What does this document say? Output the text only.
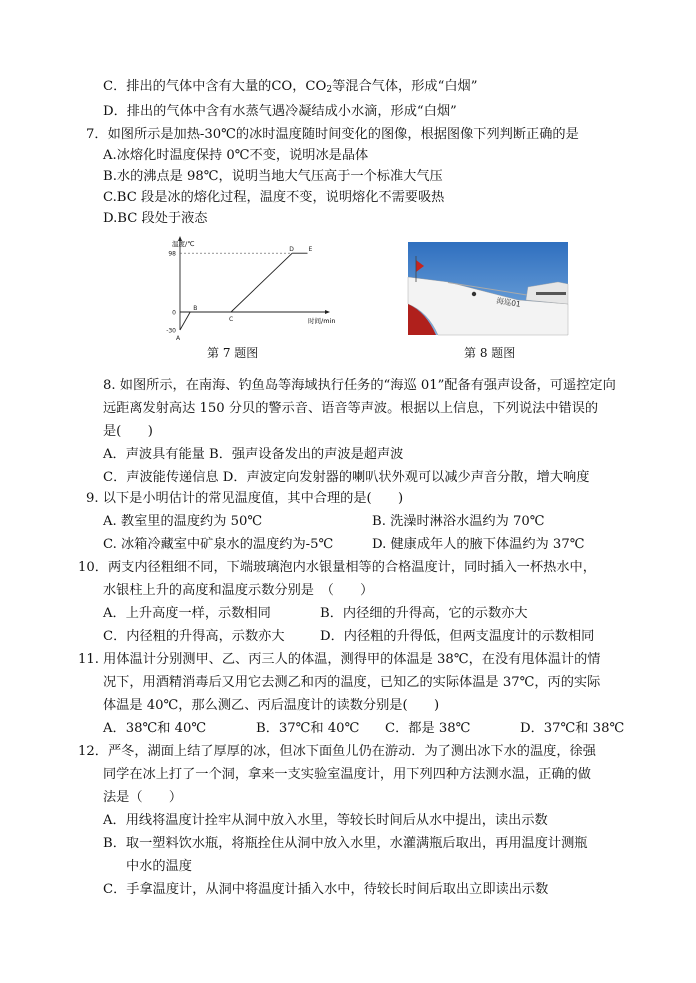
C．排出的气体中含有大量的CO，$CO_2$等混合气体，形成“白烟”
D．排出的气体中含有水蒸气遇冷凝结成小水滴，形成“白烟”
7．如图所示是加热-30℃的冰时温度随时间变化的图像，根据图像下列判断正确的是
A.冰熔化时温度保持 0℃不变，说明冰是晶体
B.水的沸点是 98℃，说明当地大气压高于一个标准大气压
C.BC 段是冰的熔化过程，温度不变，说明熔化不需要吸热
D.BC 段处于液态
温度/℃
时间/min
98
0
-30
A
B
C
D E
第 7 题图
海巡01
第 8 题图
8. 如图所示，在南海、钓鱼岛等海域执行任务的“海巡 01”配备有强声设备，可遥控定向
远距离发射高达 150 分贝的警示音、语音等声波。根据以上信息，下列说法中错误的
是(　　)
A．声波具有能量 B．强声设备发出的声波是超声波
C．声波能传递信息 D．声波定向发射器的喇叭状外观可以减少声音分散，增大响度
9. 以下是小明估计的常见温度值，其中合理的是(　　)
A. 教室里的温度约为 50℃	B. 洗澡时淋浴水温约为 70℃
C. 冰箱冷藏室中矿泉水的温度约为-5℃	D. 健康成年人的腋下体温约为 37℃
10．两支内径粗细不同，下端玻璃泡内水银量相等的合格温度计，同时插入一杯热水中，
水银柱上升的高度和温度示数分别是　（　　）
A．上升高度一样，示数相同	B．内径细的升得高，它的示数亦大
C．内径粗的升得高，示数亦大	D．内径粗的升得低，但两支温度计的示数相同
11. 用体温计分别测甲、乙、丙三人的体温，测得甲的体温是 38℃，在没有甩体温计的情
况下，用酒精消毒后又用它去测乙和丙的温度，已知乙的实际体温是 37℃，丙的实际
体温是 40℃，那么测乙、丙后温度计的读数分别是(　　)
A．38℃和 40℃	B．37℃和 40℃ C．都是 38℃	D．37℃和 38℃
12．严冬，湖面上结了厚厚的冰，但冰下面鱼儿仍在游动．为了测出冰下水的温度，徐强
同学在冰上打了一个洞，拿来一支实验室温度计，用下列四种方法测水温，正确的做
法是（　　）
A．用线将温度计拴牢从洞中放入水里，等较长时间后从水中提出，读出示数
B．取一塑料饮水瓶，将瓶拴住从洞中放入水里，水灌满瓶后取出，再用温度计测瓶
中水的温度
C．手拿温度计，从洞中将温度计插入水中，待较长时间后取出立即读出示数
